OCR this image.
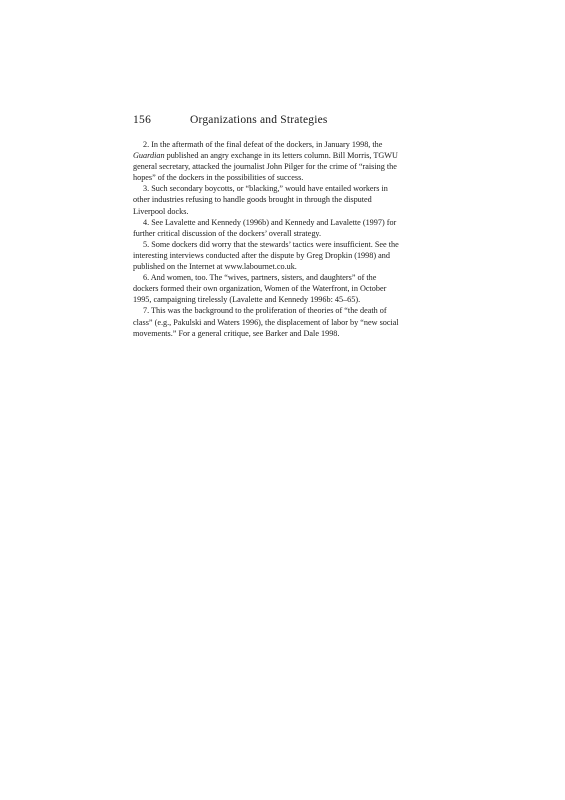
156	Organizations and Strategies
2. In the aftermath of the final defeat of the dockers, in January 1998, the
Guardian published an angry exchange in its letters column. Bill Morris, TGWU
general secretary, attacked the journalist John Pilger for the crime of “raising the
hopes” of the dockers in the possibilities of success.
3. Such secondary boycotts, or “blacking,” would have entailed workers in
other industries refusing to handle goods brought in through the disputed
Liverpool docks.
4. See Lavalette and Kennedy (1996b) and Kennedy and Lavalette (1997) for
further critical discussion of the dockers’ overall strategy.
5. Some dockers did worry that the stewards’ tactics were insufficient. See the
interesting interviews conducted after the dispute by Greg Dropkin (1998) and
published on the Internet at www.labournet.co.uk.
6. And women, too. The “wives, partners, sisters, and daughters” of the
dockers formed their own organization, Women of the Waterfront, in October
1995, campaigning tirelessly (Lavalette and Kennedy 1996b: 45–65).
7. This was the background to the proliferation of theories of “the death of
class” (e.g., Pakulski and Waters 1996), the displacement of labor by “new social
movements.” For a general critique, see Barker and Dale 1998.
